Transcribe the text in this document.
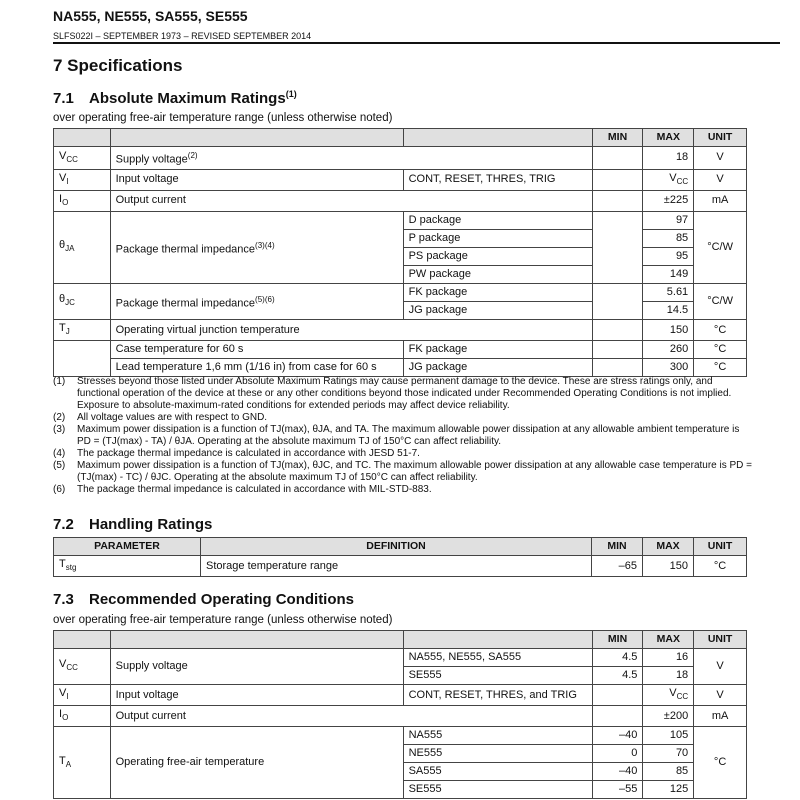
NA555, NE555, SA555, SE555
SLFS022I – SEPTEMBER 1973 – REVISED SEPTEMBER 2014
7 Specifications
7.1 Absolute Maximum Ratings$^{(1)}$
over operating free-air temperature range (unless otherwise noted)
			MIN	MAX	UNIT
$V_{CC}$	Supply voltage$^{(2)}$			18	V
$V_I$	Input voltage	CONT, RESET, THRES, TRIG		$V_{CC}$	V
$I_O$	Output current			±225	mA
$\theta_{JA}$	Package thermal impedance$^{(3)(4)}$	D package		97	°C/W
		P package		85	
		PS package		95	
		PW package		149	
$\theta_{JC}$	Package thermal impedance$^{(5)(6)}$	FK package		5.61	°C/W
		JG package		14.5	
$T_J$	Operating virtual junction temperature			150	°C
	Case temperature for 60 s	FK package		260	°C
	Lead temperature 1,6 mm (1/16 in) from case for 60 s	JG package		300	°C
(1)	Stresses beyond those listed under Absolute Maximum Ratings may cause permanent damage to the device. These are stress ratings only, and functional operation of the device at these or any other conditions beyond those indicated under Recommended Operating Conditions is not implied. Exposure to absolute-maximum-rated conditions for extended periods may affect device reliability.
(2)	All voltage values are with respect to GND.
(3)	Maximum power dissipation is a function of TJ(max), θJA, and TA. The maximum allowable power dissipation at any allowable ambient temperature is PD = (TJ(max) - TA) / θJA. Operating at the absolute maximum TJ of 150°C can affect reliability.
(4)	The package thermal impedance is calculated in accordance with JESD 51-7.
(5)	Maximum power dissipation is a function of TJ(max), θJC, and TC. The maximum allowable power dissipation at any allowable case temperature is PD = (TJ(max) - TC) / θJC. Operating at the absolute maximum TJ of 150°C can affect reliability.
(6)	The package thermal impedance is calculated in accordance with MIL-STD-883.
7.2 Handling Ratings
PARAMETER	DEFINITION	MIN	MAX	UNIT
$T_{stg}$	Storage temperature range	–65	150	°C
7.3 Recommended Operating Conditions
over operating free-air temperature range (unless otherwise noted)
			MIN	MAX	UNIT
$V_{CC}$	Supply voltage	NA555, NE555, SA555	4.5	16	V
		SE555	4.5	18	
$V_I$	Input voltage	CONT, RESET, THRES, and TRIG		$V_{CC}$	V
$I_O$	Output current			±200	mA
$T_A$	Operating free-air temperature	NA555	–40	105	°C
		NE555	0	70	
		SA555	–40	85	
		SE555	–55	125	
